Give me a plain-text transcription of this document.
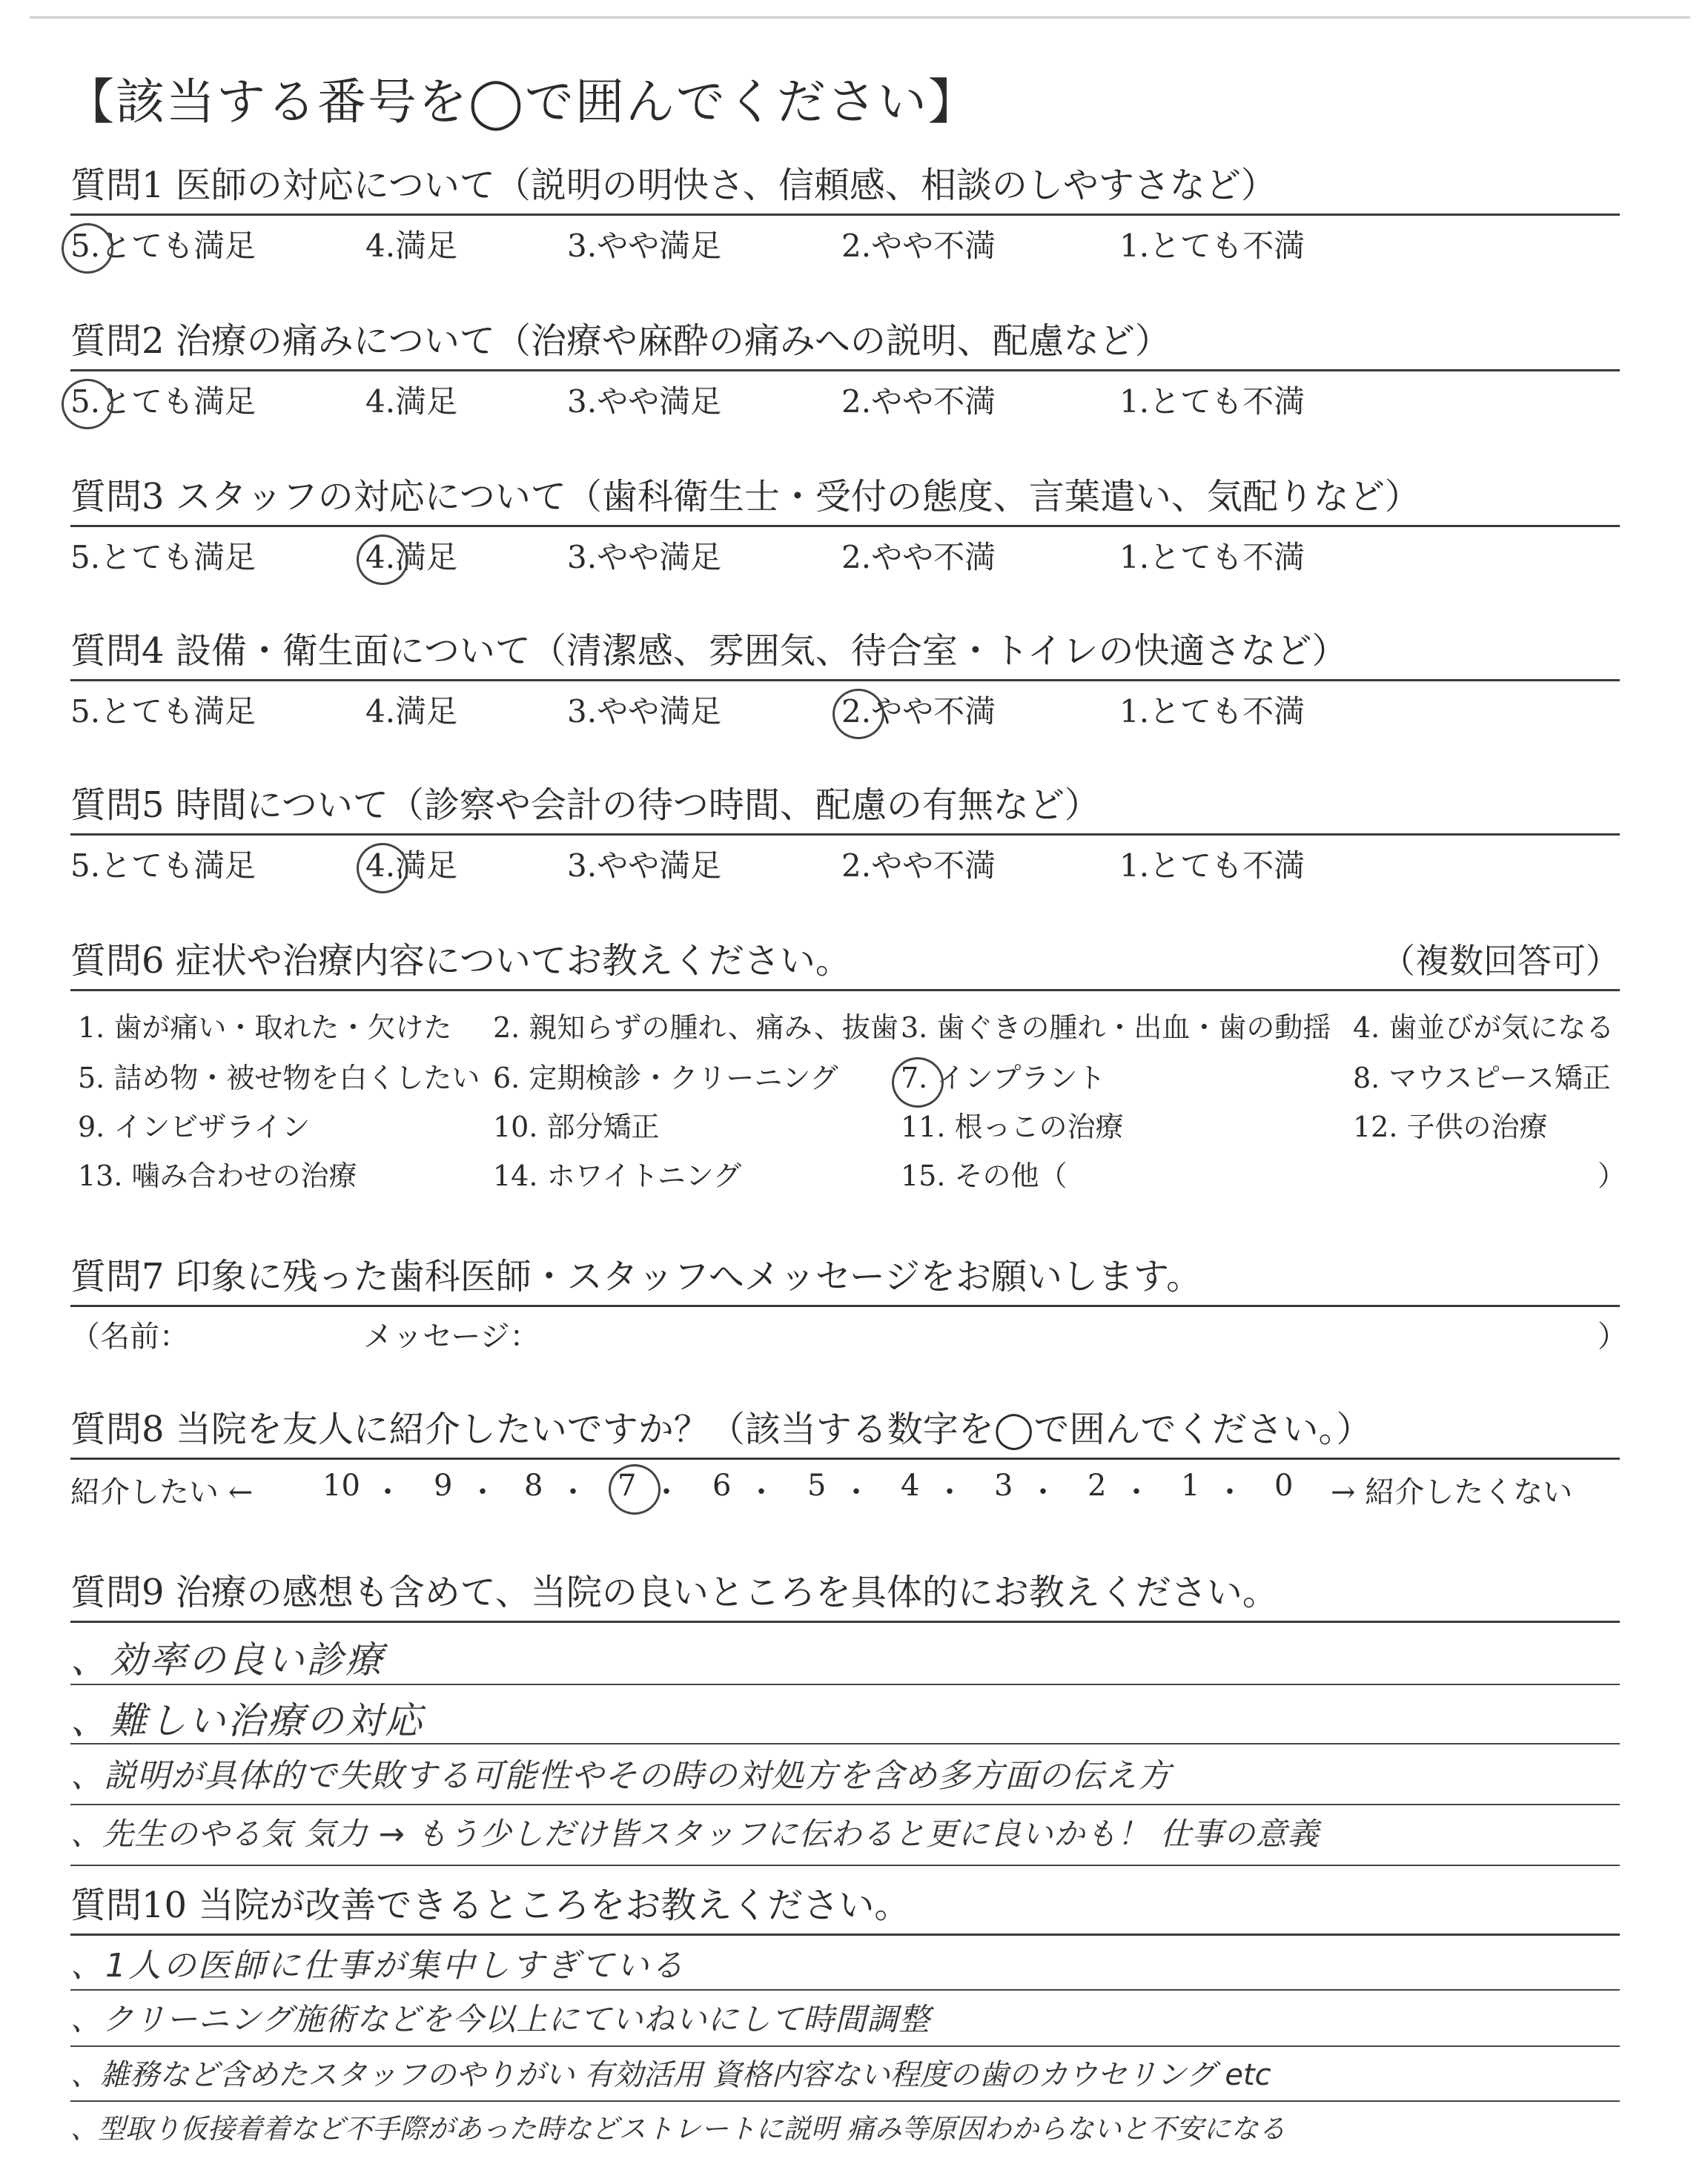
【該当する番号を◯で囲んでください】
質問1 医師の対応について（説明の明快さ、信頼感、相談のしやすさなど）
5.とても満足	4.満足	3.やや満足	2.やや不満	1.とても不満
質問2 治療の痛みについて（治療や麻酔の痛みへの説明、配慮など）
5.とても満足	4.満足	3.やや満足	2.やや不満	1.とても不満
質問3 スタッフの対応について（歯科衛生士・受付の態度、言葉遣い、気配りなど）
5.とても満足	4.満足	3.やや満足	2.やや不満	1.とても不満
質問4 設備・衛生面について（清潔感、雰囲気、待合室・トイレの快適さなど）
5.とても満足	4.満足	3.やや満足	2.やや不満	1.とても不満
質問5 時間について（診察や会計の待つ時間、配慮の有無など）
5.とても満足	4.満足	3.やや満足	2.やや不満	1.とても不満
質問6 症状や治療内容についてお教えください。	（複数回答可）
1. 歯が痛い・取れた・欠けた 2. 親知らずの腫れ、痛み、抜歯 3. 歯ぐきの腫れ・出血・歯の動揺 4. 歯並びが気になる
5. 詰め物・被せ物を白くしたい 6. 定期検診・クリーニング 7. インプラント	8. マウスピース矯正
9. インビザライン	10. 部分矯正	11. 根っこの治療	12. 子供の治療
13. 噛み合わせの治療	14. ホワイトニング	15. その他（	）
質問7 印象に残った歯科医師・スタッフへメッセージをお願いします。
（名前：	メッセージ：	）
質問8 当院を友人に紹介したいですか？（該当する数字を◯で囲んでください。）
紹介したい ← 10 ・ 9 ・ 8 ・ 7 ・ 6 ・ 5 ・ 4 ・ 3 ・ 2 ・ 1 ・ 0 → 紹介したくない
質問9 治療の感想も含めて、当院の良いところを具体的にお教えください。
、効率の良い診療
、難しい治療の対応
、説明が具体的で失敗する可能性やその時の対処方を含め多方面の伝え方
、先生のやる気 気力 → もう少しだけ皆スタッフに伝わると更に良いかも！ 仕事の意義
質問10 当院が改善できるところをお教えください。
、1人の医師に仕事が集中しすぎている
、クリーニング施術などを今以上にていねいにして時間調整
、雑務など含めたスタッフのやりがい 有効活用 資格内容ない程度の歯のカウセリング etc
、型取り仮接着着など不手際があった時などストレートに説明 痛み等原因わからないと不安になる
